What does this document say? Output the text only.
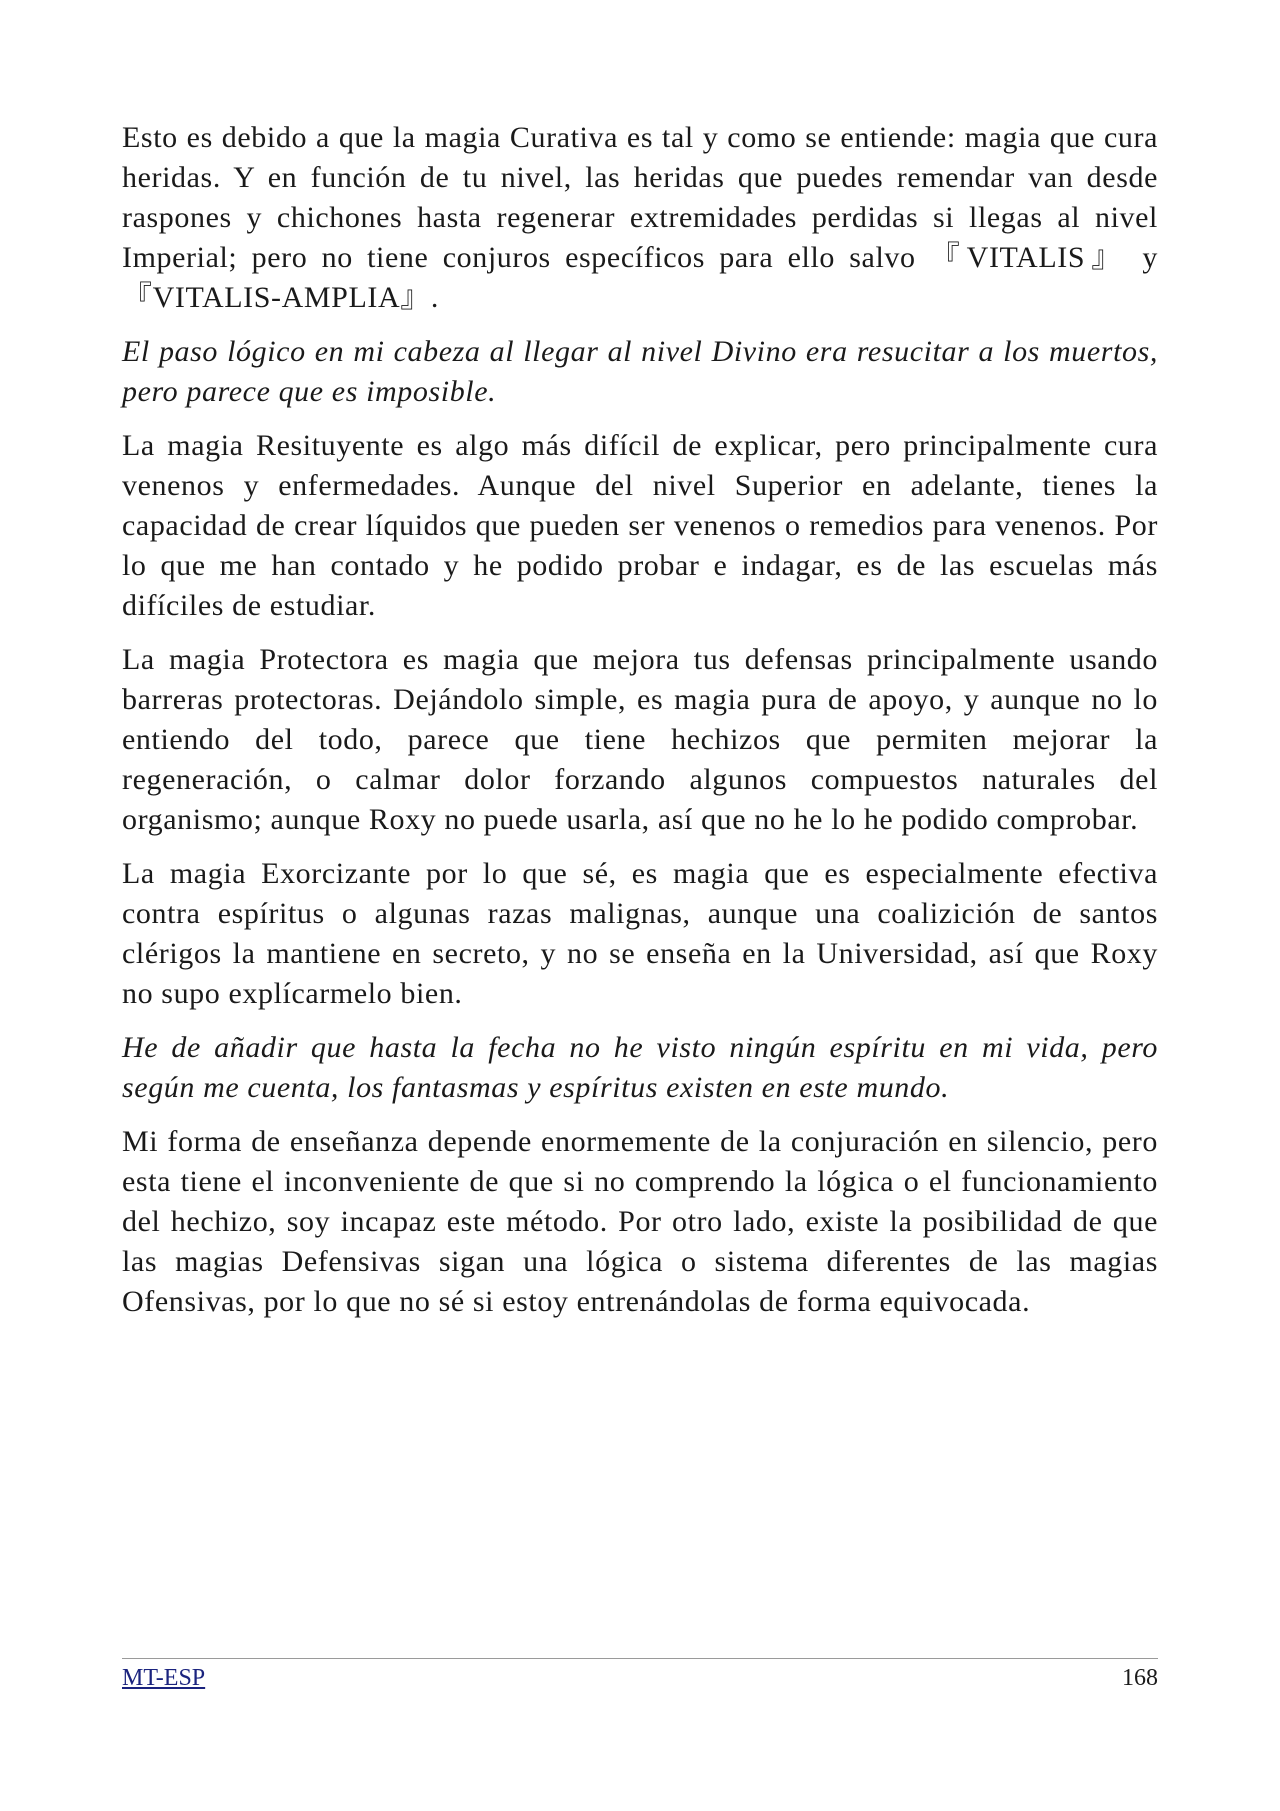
Esto es debido a que la magia Curativa es tal y como se entiende: magia que cura heridas. Y en función de tu nivel, las heridas que puedes remendar van desde raspones y chichones hasta regenerar extremidades perdidas si llegas al nivel Imperial; pero no tiene conjuros específicos para ello salvo 『VITALIS』 y 『VITALIS-AMPLIA』.

El paso lógico en mi cabeza al llegar al nivel Divino era resucitar a los muertos, pero parece que es imposible.

La magia Resituyente es algo más difícil de explicar, pero principalmente cura venenos y enfermedades. Aunque del nivel Superior en adelante, tienes la capacidad de crear líquidos que pueden ser venenos o remedios para venenos. Por lo que me han contado y he podido probar e indagar, es de las escuelas más difíciles de estudiar.

La magia Protectora es magia que mejora tus defensas principalmente usando barreras protectoras. Dejándolo simple, es magia pura de apoyo, y aunque no lo entiendo del todo, parece que tiene hechizos que permiten mejorar la regeneración, o calmar dolor forzando algunos compuestos naturales del organismo; aunque Roxy no puede usarla, así que no he lo he podido comprobar.

La magia Exorcizante por lo que sé, es magia que es especialmente efectiva contra espíritus o algunas razas malignas, aunque una coalizición de santos clérigos la mantiene en secreto, y no se enseña en la Universidad, así que Roxy no supo explícarmelo bien.

He de añadir que hasta la fecha no he visto ningún espíritu en mi vida, pero según me cuenta, los fantasmas y espíritus existen en este mundo.

Mi forma de enseñanza depende enormemente de la conjuración en silencio, pero esta tiene el inconveniente de que si no comprendo la lógica o el funcionamiento del hechizo, soy incapaz este método. Por otro lado, existe la posibilidad de que las magias Defensivas sigan una lógica o sistema diferentes de las magias Ofensivas, por lo que no sé si estoy entrenándolas de forma equivocada.

MT-ESP	168
